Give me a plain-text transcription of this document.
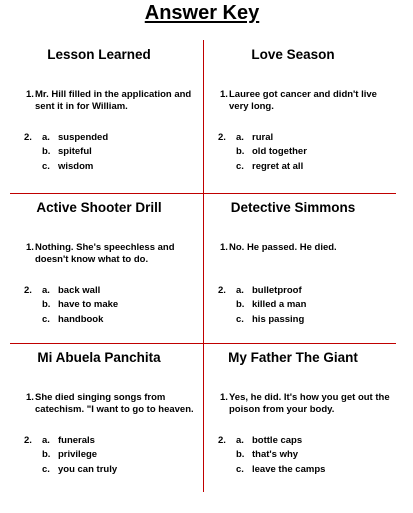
Answer Key
Lesson Learned
1. Mr. Hill filled in the application and sent it in for William.
2. a. suspended
b. spiteful
c. wisdom
Love Season
1. Lauree got cancer and didn't live very long.
2. a. rural
b. old together
c. regret at all
Active Shooter Drill
1. Nothing. She's speechless and doesn't know what to do.
2. a. back wall
b. have to make
c. handbook
Detective Simmons
1. No. He passed. He died.
2. a. bulletproof
b. killed a man
c. his passing
Mi Abuela Panchita
1. She died singing songs from catechism. "I want to go to heaven.
2. a. funerals
b. privilege
c. you can truly
My Father The Giant
1. Yes, he did. It's how you get out the poison from your body.
2. a. bottle caps
b. that's why
c. leave the camps
